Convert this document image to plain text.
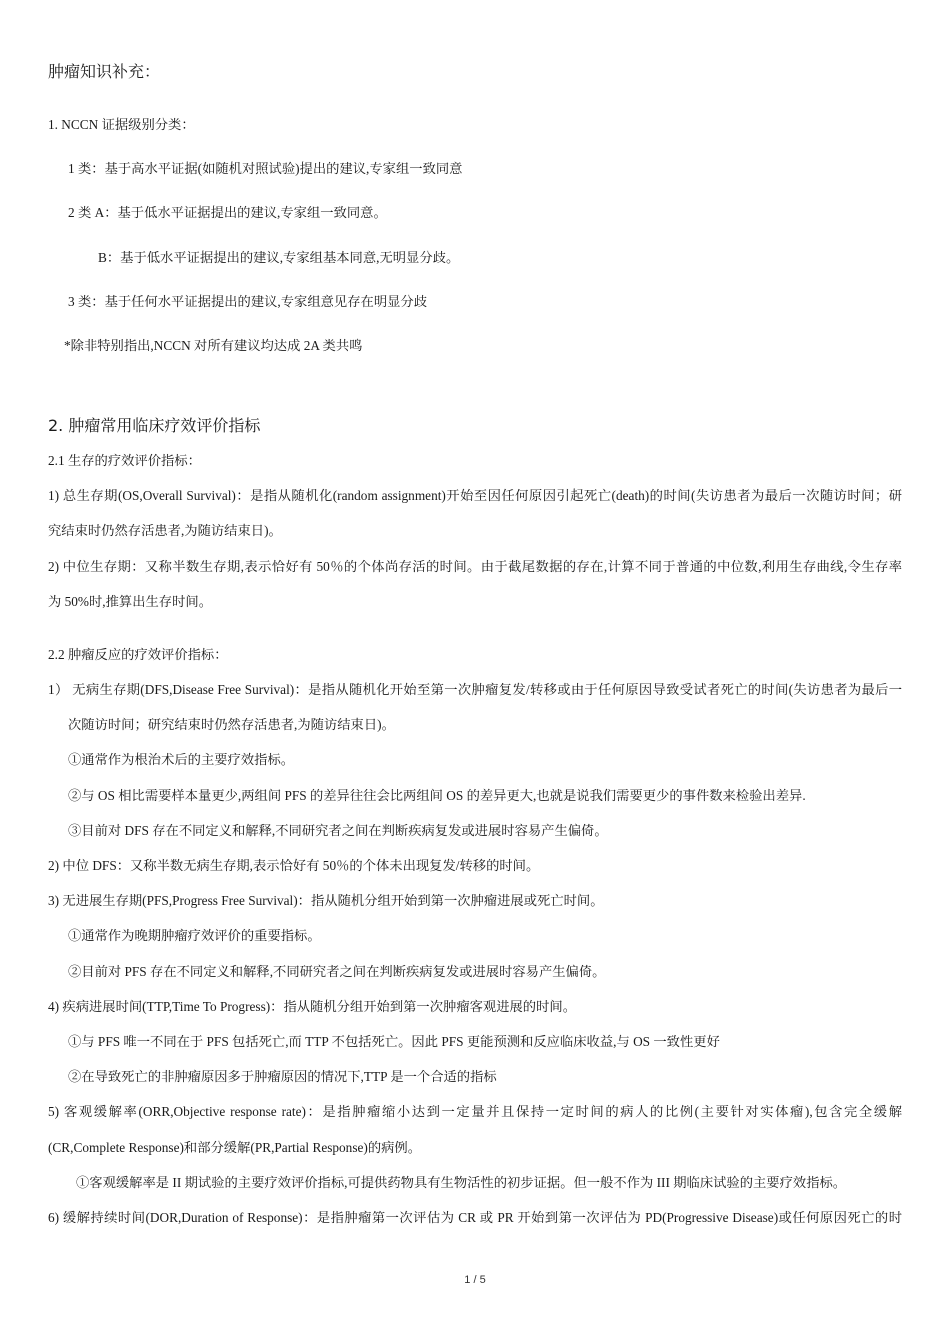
肿瘤知识补充：
1. NCCN 证据级别分类：
1 类：基于高水平证据(如随机对照试验)提出的建议,专家组一致同意
2 类 A：基于低水平证据提出的建议,专家组一致同意。
B：基于低水平证据提出的建议,专家组基本同意,无明显分歧。
3 类：基于任何水平证据提出的建议,专家组意见存在明显分歧
*除非特别指出,NCCN 对所有建议均达成 2A 类共鸣
2. 肿瘤常用临床疗效评价指标
2.1 生存的疗效评价指标：
1) 总生存期(OS,Overall Survival)：是指从随机化(random assignment)开始至因任何原因引起死亡(death)的时间(失访患者为最后一次随访时间；研
究结束时仍然存活患者,为随访结束日)。
2) 中位生存期：又称半数生存期,表示恰好有 50％的个体尚存活的时间。由于截尾数据的存在,计算不同于普通的中位数,利用生存曲线,令生存率
为 50%时,推算出生存时间。
2.2 肿瘤反应的疗效评价指标：
1） 无病生存期(DFS,Disease Free Survival)：是指从随机化开始至第一次肿瘤复发/转移或由于任何原因导致受试者死亡的时间(失访患者为最后一
次随访时间；研究结束时仍然存活患者,为随访结束日)。
①通常作为根治术后的主要疗效指标。
②与 OS 相比需要样本量更少,两组间 PFS 的差异往往会比两组间 OS 的差异更大,也就是说我们需要更少的事件数来检验出差异.
③目前对 DFS 存在不同定义和解释,不同研究者之间在判断疾病复发或进展时容易产生偏倚。
2) 中位 DFS：又称半数无病生存期,表示恰好有 50％的个体未出现复发/转移的时间。
3) 无进展生存期(PFS,Progress Free Survival)：指从随机分组开始到第一次肿瘤进展或死亡时间。
①通常作为晚期肿瘤疗效评价的重要指标。
②目前对 PFS 存在不同定义和解释,不同研究者之间在判断疾病复发或进展时容易产生偏倚。
4) 疾病进展时间(TTP,Time To Progress)：指从随机分组开始到第一次肿瘤客观进展的时间。
①与 PFS 唯一不同在于 PFS 包括死亡,而 TTP 不包括死亡。因此 PFS 更能预测和反应临床收益,与 OS 一致性更好
②在导致死亡的非肿瘤原因多于肿瘤原因的情况下,TTP 是一个合适的指标
5) 客观缓解率(ORR,Objective response rate)：是指肿瘤缩小达到一定量并且保持一定时间的病人的比例(主要针对实体瘤),包含完全缓解
(CR,Complete Response)和部分缓解(PR,Partial Response)的病例。
①客观缓解率是 II 期试验的主要疗效评价指标,可提供药物具有生物活性的初步证据。但一般不作为 III 期临床试验的主要疗效指标。
6) 缓解持续时间(DOR,Duration of Response)：是指肿瘤第一次评估为 CR 或 PR 开始到第一次评估为 PD(Progressive Disease)或任何原因死亡的时
1 / 5
